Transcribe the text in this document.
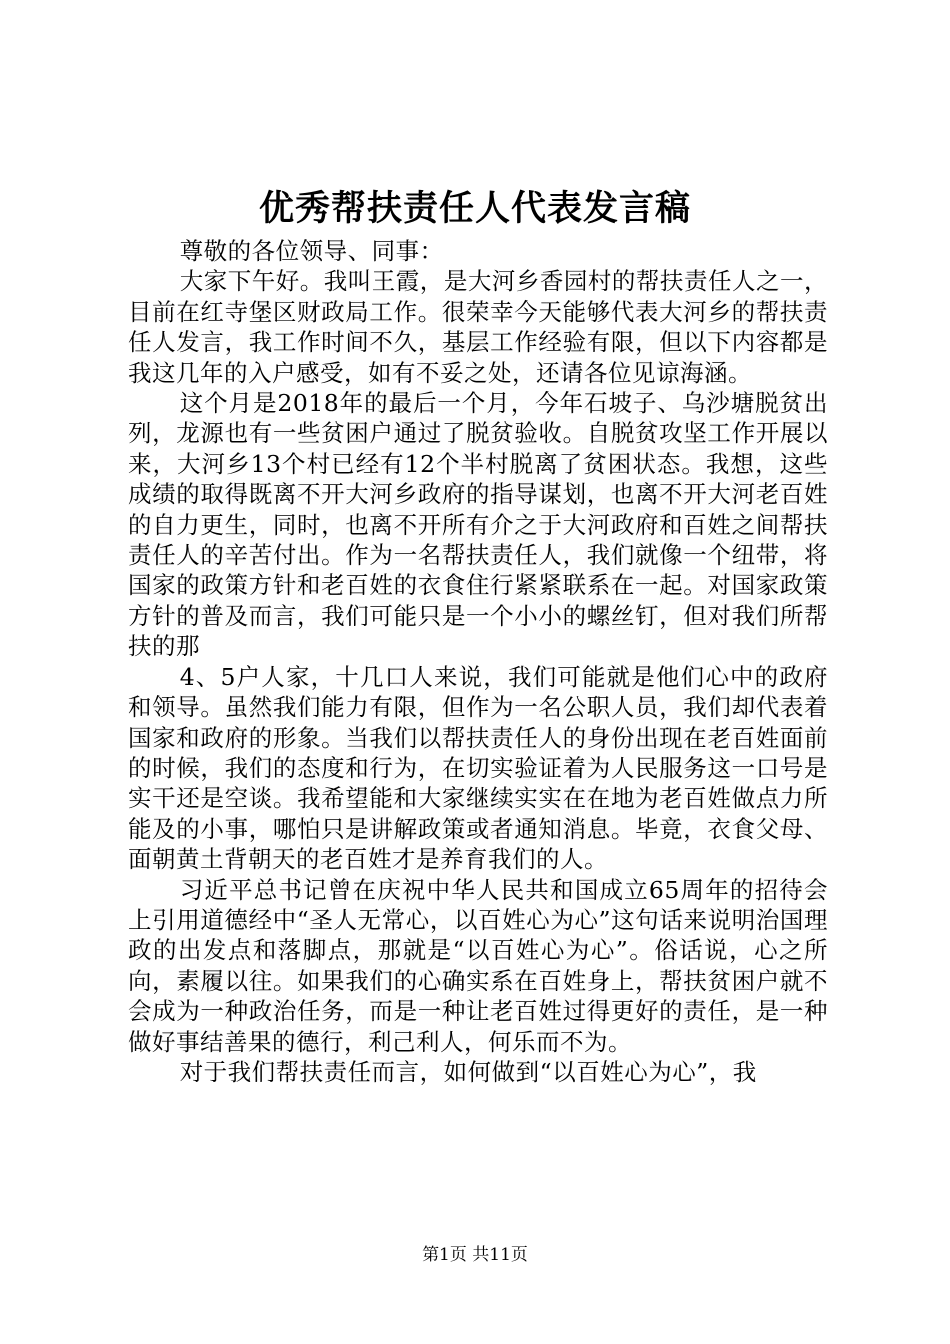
优秀帮扶责任人代表发言稿

尊敬的各位领导、同事：

大家下午好。我叫王霞，是大河乡香园村的帮扶责任人之一，目前在红寺堡区财政局工作。很荣幸今天能够代表大河乡的帮扶责任人发言，我工作时间不久，基层工作经验有限，但以下内容都是我这几年的入户感受，如有不妥之处，还请各位见谅海涵。

这个月是2018年的最后一个月，今年石坡子、乌沙塘脱贫出列，龙源也有一些贫困户通过了脱贫验收。自脱贫攻坚工作开展以来，大河乡13个村已经有12个半村脱离了贫困状态。我想，这些成绩的取得既离不开大河乡政府的指导谋划，也离不开大河老百姓的自力更生，同时，也离不开所有介之于大河政府和百姓之间帮扶责任人的辛苦付出。作为一名帮扶责任人，我们就像一个纽带，将国家的政策方针和老百姓的衣食住行紧紧联系在一起。对国家政策方针的普及而言，我们可能只是一个小小的螺丝钉，但对我们所帮扶的那

4、5户人家，十几口人来说，我们可能就是他们心中的政府和领导。虽然我们能力有限，但作为一名公职人员，我们却代表着国家和政府的形象。当我们以帮扶责任人的身份出现在老百姓面前的时候，我们的态度和行为，在切实验证着为人民服务这一口号是实干还是空谈。我希望能和大家继续实实在在地为老百姓做点力所能及的小事，哪怕只是讲解政策或者通知消息。毕竟，衣食父母、面朝黄土背朝天的老百姓才是养育我们的人。

习近平总书记曾在庆祝中华人民共和国成立65周年的招待会上引用道德经中“圣人无常心，以百姓心为心”这句话来说明治国理政的出发点和落脚点，那就是“以百姓心为心”。俗话说，心之所向，素履以往。如果我们的心确实系在百姓身上，帮扶贫困户就不会成为一种政治任务，而是一种让老百姓过得更好的责任，是一种做好事结善果的德行，利己利人，何乐而不为。

对于我们帮扶责任而言，如何做到“以百姓心为心”，我

第1页 共11页
